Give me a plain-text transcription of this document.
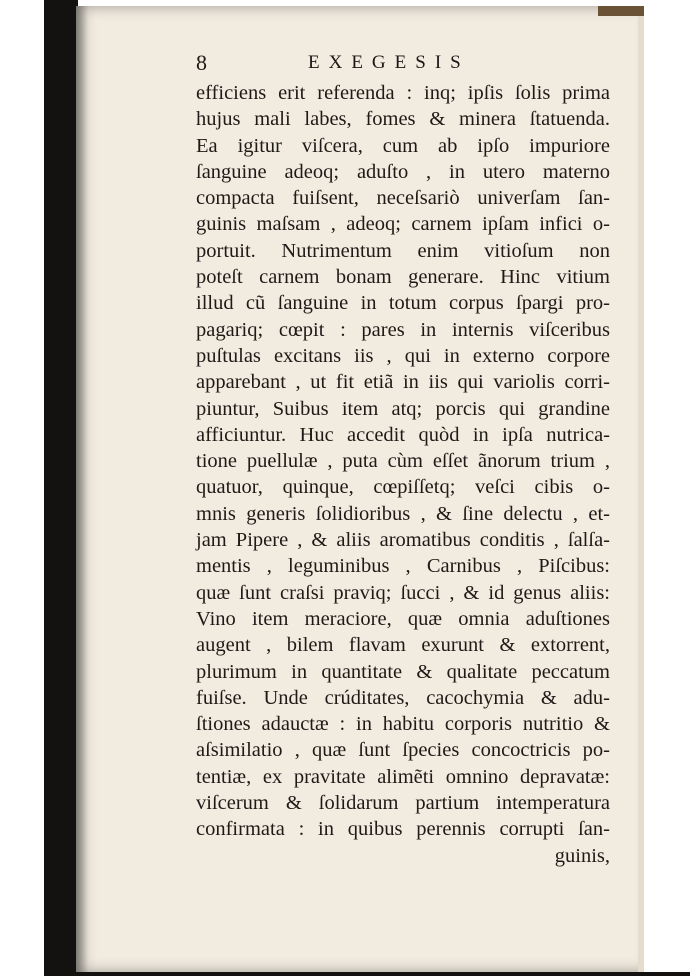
8	EXEGESIS
efficiens erit referenda : inq; ipſis ſolis prima
hujus mali labes, fomes & minera ſtatuenda.
Ea igitur viſcera, cum ab ipſo impuriore
ſanguine adeoq; aduſto , in utero materno
compacta fuiſsent, neceſsariò univerſam ſan-
guinis maſsam , adeoq; carnem ipſam infici o-
portuit. Nutrimentum enim vitioſum non
poteſt carnem bonam generare. Hinc vitium
illud cũ ſanguine in totum corpus ſpargi pro-
pagariq; cœpit : pares in internis viſceribus
puſtulas excitans iis , qui in externo corpore
apparebant , ut fit etiã in iis qui variolis corri-
piuntur, Suibus item atq; porcis qui grandine
afficiuntur. Huc accedit quòd in ipſa nutrica-
tione puellulæ , puta cùm eſſet ãnorum trium ,
quatuor, quinque, cœpiſſetq; veſci cibis o-
mnis generis ſolidioribus , & ſine delectu , et-
jam Pipere , & aliis aromatibus conditis , ſalſa-
mentis , leguminibus , Carnibus , Piſcibus:
quæ ſunt craſsi praviq; ſucci , & id genus aliis:
Vino item meraciore, quæ omnia aduſtiones
augent , bilem flavam exurunt & extorrent,
plurimum in quantitate & qualitate peccatum
fuiſse. Unde crúditates, cacochymia & adu-
ſtiones adauctæ : in habitu corporis nutritio &
aſsimilatio , quæ ſunt ſpecies concoctricis po-
tentiæ, ex pravitate alimẽti omnino depravatæ:
viſcerum & ſolidarum partium intemperatura
confirmata : in quibus perennis corrupti ſan-
guinis,
